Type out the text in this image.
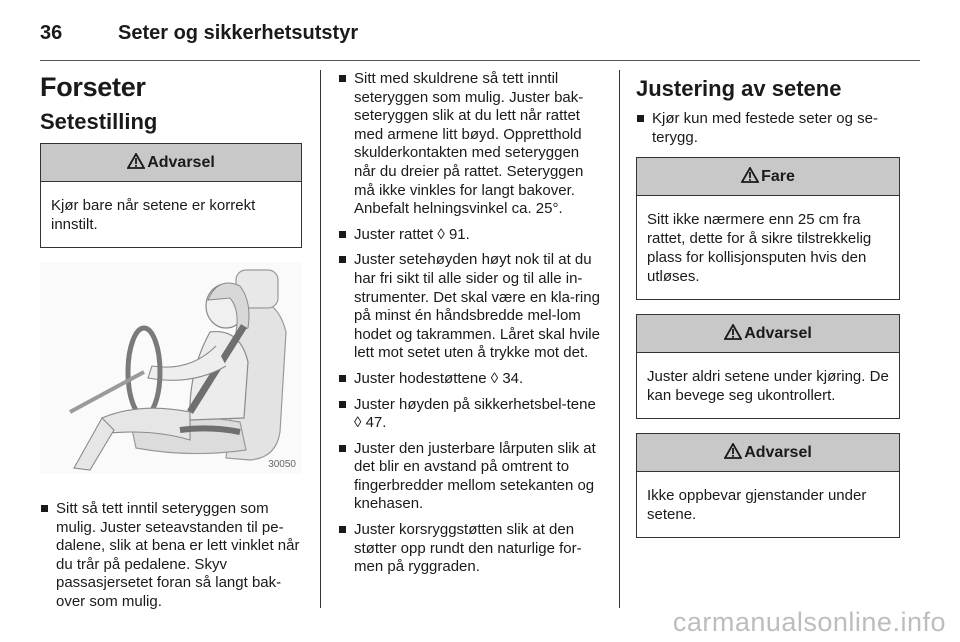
36	Seter og sikkerhetsutstyr
Forseter
Setestilling
Advarsel
Kjør bare når setene er korrekt innstilt.
30050
Sitt så tett inntil seteryggen som mulig. Juster seteavstanden til pe-dalene, slik at bena er lett vinklet når du trår på pedalene. Skyv passasjersetet foran så langt bak-over som mulig.
Sitt med skuldrene så tett inntil seteryggen som mulig. Juster bak-seteryggen slik at du lett når rattet med armene litt bøyd. Oppretthold skulderkontakten med seteryggen når du dreier på rattet. Seteryggen må ikke vinkles for langt bakover. Anbefalt helningsvinkel ca. 25°.
Juster rattet ◊ 91.
Juster setehøyden høyt nok til at du har fri sikt til alle sider og til alle in-strumenter. Det skal være en kla-ring på minst én håndsbredde mel-lom hodet og takrammen. Låret skal hvile lett mot setet uten å trykke mot det.
Juster hodestøttene ◊ 34.
Juster høyden på sikkerhetsbel-tene ◊ 47.
Juster den justerbare lårputen slik at det blir en avstand på omtrent to fingerbredder mellom setekanten og knehasen.
Juster korsryggstøtten slik at den støtter opp rundt den naturlige for-men på ryggraden.
Justering av setene
Kjør kun med festede seter og se-terygg.
Fare
Sitt ikke nærmere enn 25 cm fra rattet, dette for å sikre tilstrekkelig plass for kollisjonsputen hvis den utløses.
Advarsel
Juster aldri setene under kjøring. De kan bevege seg ukontrollert.
Advarsel
Ikke oppbevar gjenstander under setene.
carmanualsonline.info
